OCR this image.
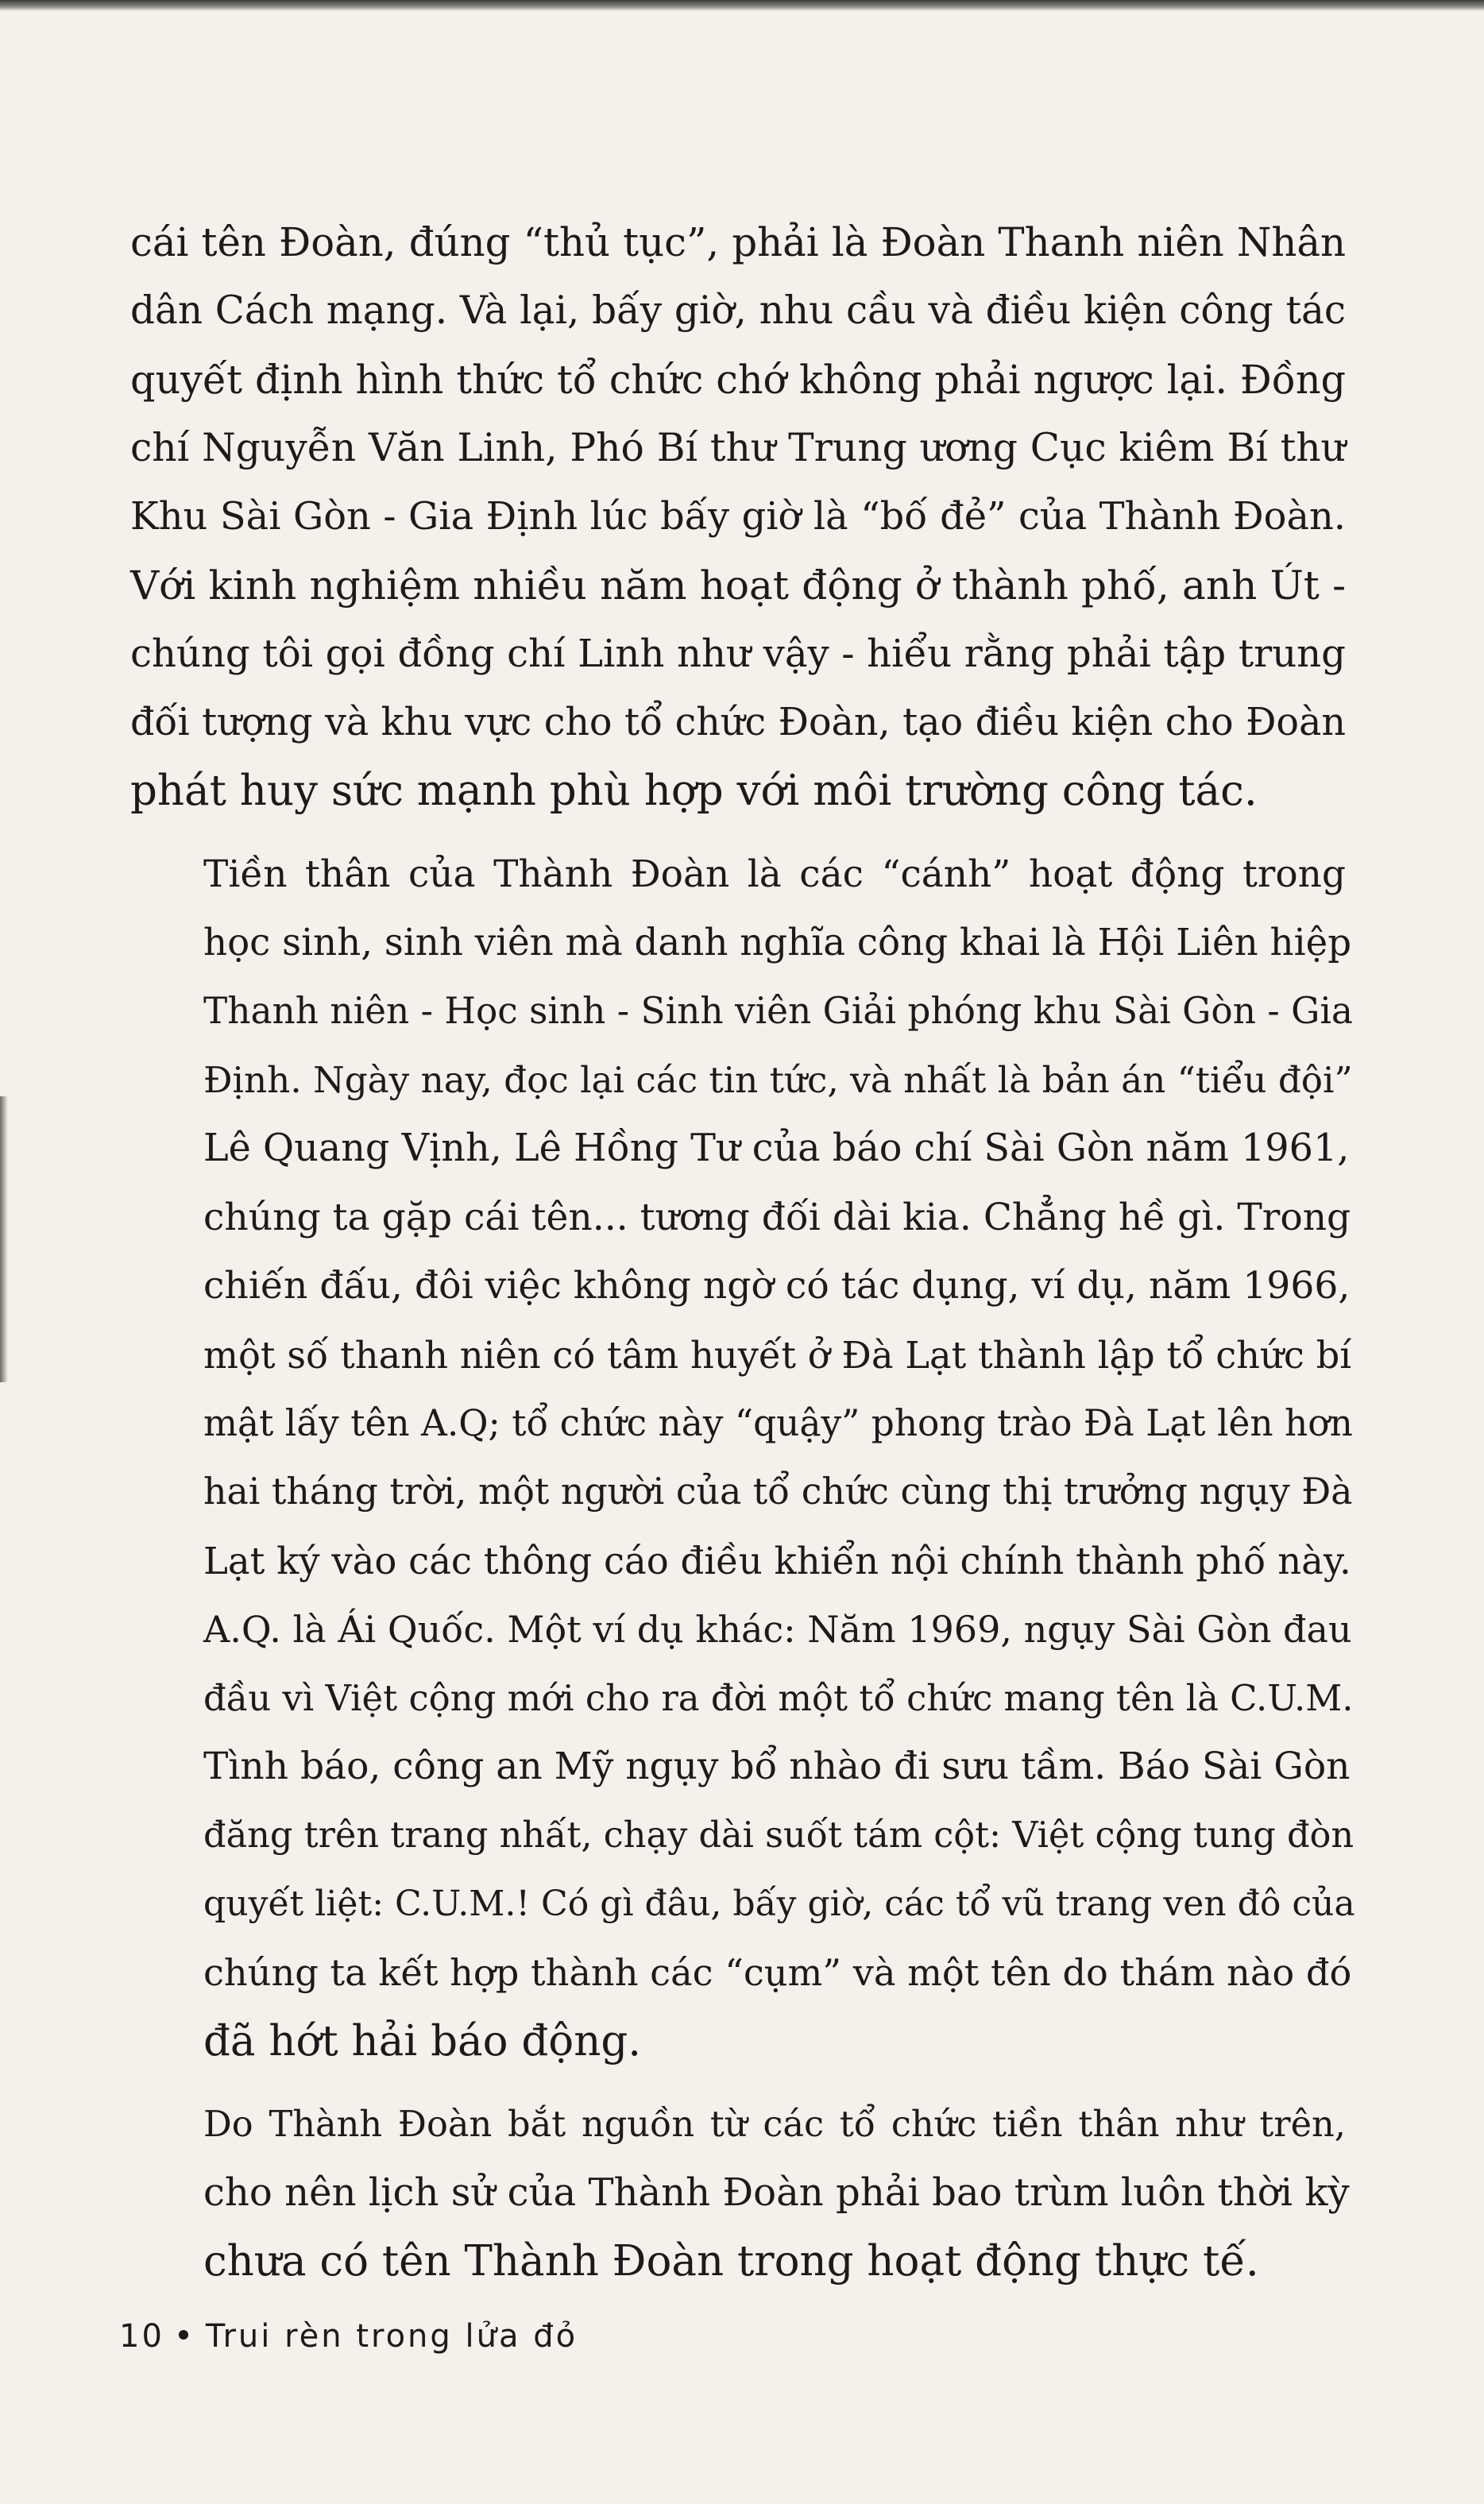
cái tên Đoàn, đúng “thủ tục”, phải là Đoàn Thanh niên Nhân
dân Cách mạng. Và lại, bấy giờ, nhu cầu và điều kiện công tác
quyết định hình thức tổ chức chớ không phải ngược lại. Đồng
chí Nguyễn Văn Linh, Phó Bí thư Trung ương Cục kiêm Bí thư
Khu Sài Gòn - Gia Định lúc bấy giờ là “bố đẻ” của Thành Đoàn.
Với kinh nghiệm nhiều năm hoạt động ở thành phố, anh Út -
chúng tôi gọi đồng chí Linh như vậy - hiểu rằng phải tập trung
đối tượng và khu vực cho tổ chức Đoàn, tạo điều kiện cho Đoàn
phát huy sức mạnh phù hợp với môi trường công tác.

Tiền thân của Thành Đoàn là các “cánh” hoạt động trong
học sinh, sinh viên mà danh nghĩa công khai là Hội Liên hiệp
Thanh niên - Học sinh - Sinh viên Giải phóng khu Sài Gòn - Gia
Định. Ngày nay, đọc lại các tin tức, và nhất là bản án “tiểu đội”
Lê Quang Vịnh, Lê Hồng Tư của báo chí Sài Gòn năm 1961,
chúng ta gặp cái tên... tương đối dài kia. Chẳng hề gì. Trong
chiến đấu, đôi việc không ngờ có tác dụng, ví dụ, năm 1966,
một số thanh niên có tâm huyết ở Đà Lạt thành lập tổ chức bí
mật lấy tên A.Q; tổ chức này “quậy” phong trào Đà Lạt lên hơn
hai tháng trời, một người của tổ chức cùng thị trưởng ngụy Đà
Lạt ký vào các thông cáo điều khiển nội chính thành phố này.
A.Q. là Ái Quốc. Một ví dụ khác: Năm 1969, ngụy Sài Gòn đau
đầu vì Việt cộng mới cho ra đời một tổ chức mang tên là C.U.M.
Tình báo, công an Mỹ ngụy bổ nhào đi sưu tầm. Báo Sài Gòn
đăng trên trang nhất, chạy dài suốt tám cột: Việt cộng tung đòn
quyết liệt: C.U.M.! Có gì đâu, bấy giờ, các tổ vũ trang ven đô của
chúng ta kết hợp thành các “cụm” và một tên do thám nào đó
đã hớt hải báo động.

Do Thành Đoàn bắt nguồn từ các tổ chức tiền thân như trên,
cho nên lịch sử của Thành Đoàn phải bao trùm luôn thời kỳ
chưa có tên Thành Đoàn trong hoạt động thực tế.

10 Trui rèn trong lửa đỏ
